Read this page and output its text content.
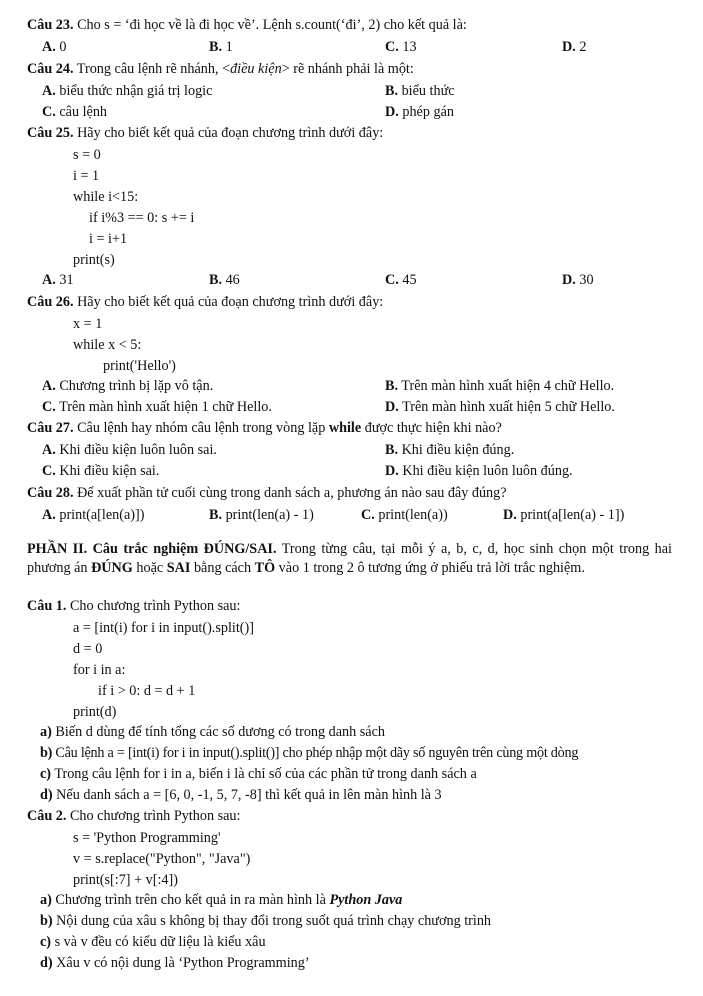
Câu 23. Cho s = ‘đi học về là đi học về’. Lệnh s.count(‘đi’, 2) cho kết quả là:
A. 0	B. 1	C. 13	D. 2
Câu 24. Trong câu lệnh rẽ nhánh, <điều kiện> rẽ nhánh phải là một:
A. biểu thức nhận giá trị logic	B. biểu thức
C. câu lệnh	D. phép gán
Câu 25. Hãy cho biết kết quả của đoạn chương trình dưới đây:
s = 0
i = 1
while i<15:
if i%3 == 0: s += i
i = i+1
print(s)
A. 31	B. 46	C. 45	D. 30
Câu 26. Hãy cho biết kết quả của đoạn chương trình dưới đây:
x = 1
while x < 5:
print('Hello')
A. Chương trình bị lặp vô tận.	B. Trên màn hình xuất hiện 4 chữ Hello.
C. Trên màn hình xuất hiện 1 chữ Hello.	D. Trên màn hình xuất hiện 5 chữ Hello.
Câu 27. Câu lệnh hay nhóm câu lệnh trong vòng lặp while được thực hiện khi nào?
A. Khi điều kiện luôn luôn sai.	B. Khi điều kiện đúng.
C. Khi điều kiện sai.	D. Khi điều kiện luôn luôn đúng.
Câu 28. Để xuất phần tử cuối cùng trong danh sách a, phương án nào sau đây đúng?
A. print(a[len(a)])	B. print(len(a) - 1)	C. print(len(a))	D. print(a[len(a) - 1])
PHẦN II. Câu trắc nghiệm ĐÚNG/SAI. Trong từng câu, tại mỗi ý a, b, c, d, học sinh chọn một trong hai phương án ĐÚNG hoặc SAI bằng cách TÔ vào 1 trong 2 ô tương ứng ở phiếu trả lời trắc nghiệm.
Câu 1. Cho chương trình Python sau:
a = [int(i) for i in input().split()]
d = 0
for i in a:
if i > 0: d = d + 1
print(d)
a) Biến d dùng để tính tổng các số dương có trong danh sách
b) Câu lệnh a = [int(i) for i in input().split()] cho phép nhập một dãy số nguyên trên cùng một dòng
c) Trong câu lệnh for i in a, biến i là chỉ số của các phần tử trong danh sách a
d) Nếu danh sách a = [6, 0, -1, 5, 7, -8] thì kết quả in lên màn hình là 3
Câu 2. Cho chương trình Python sau:
s = 'Python Programming'
v = s.replace("Python", "Java")
print(s[:7] + v[:4])
a) Chương trình trên cho kết quả in ra màn hình là Python Java
b) Nội dung của xâu s không bị thay đổi trong suốt quá trình chạy chương trình
c) s và v đều có kiểu dữ liệu là kiểu xâu
d) Xâu v có nội dung là ‘Python Programming’
